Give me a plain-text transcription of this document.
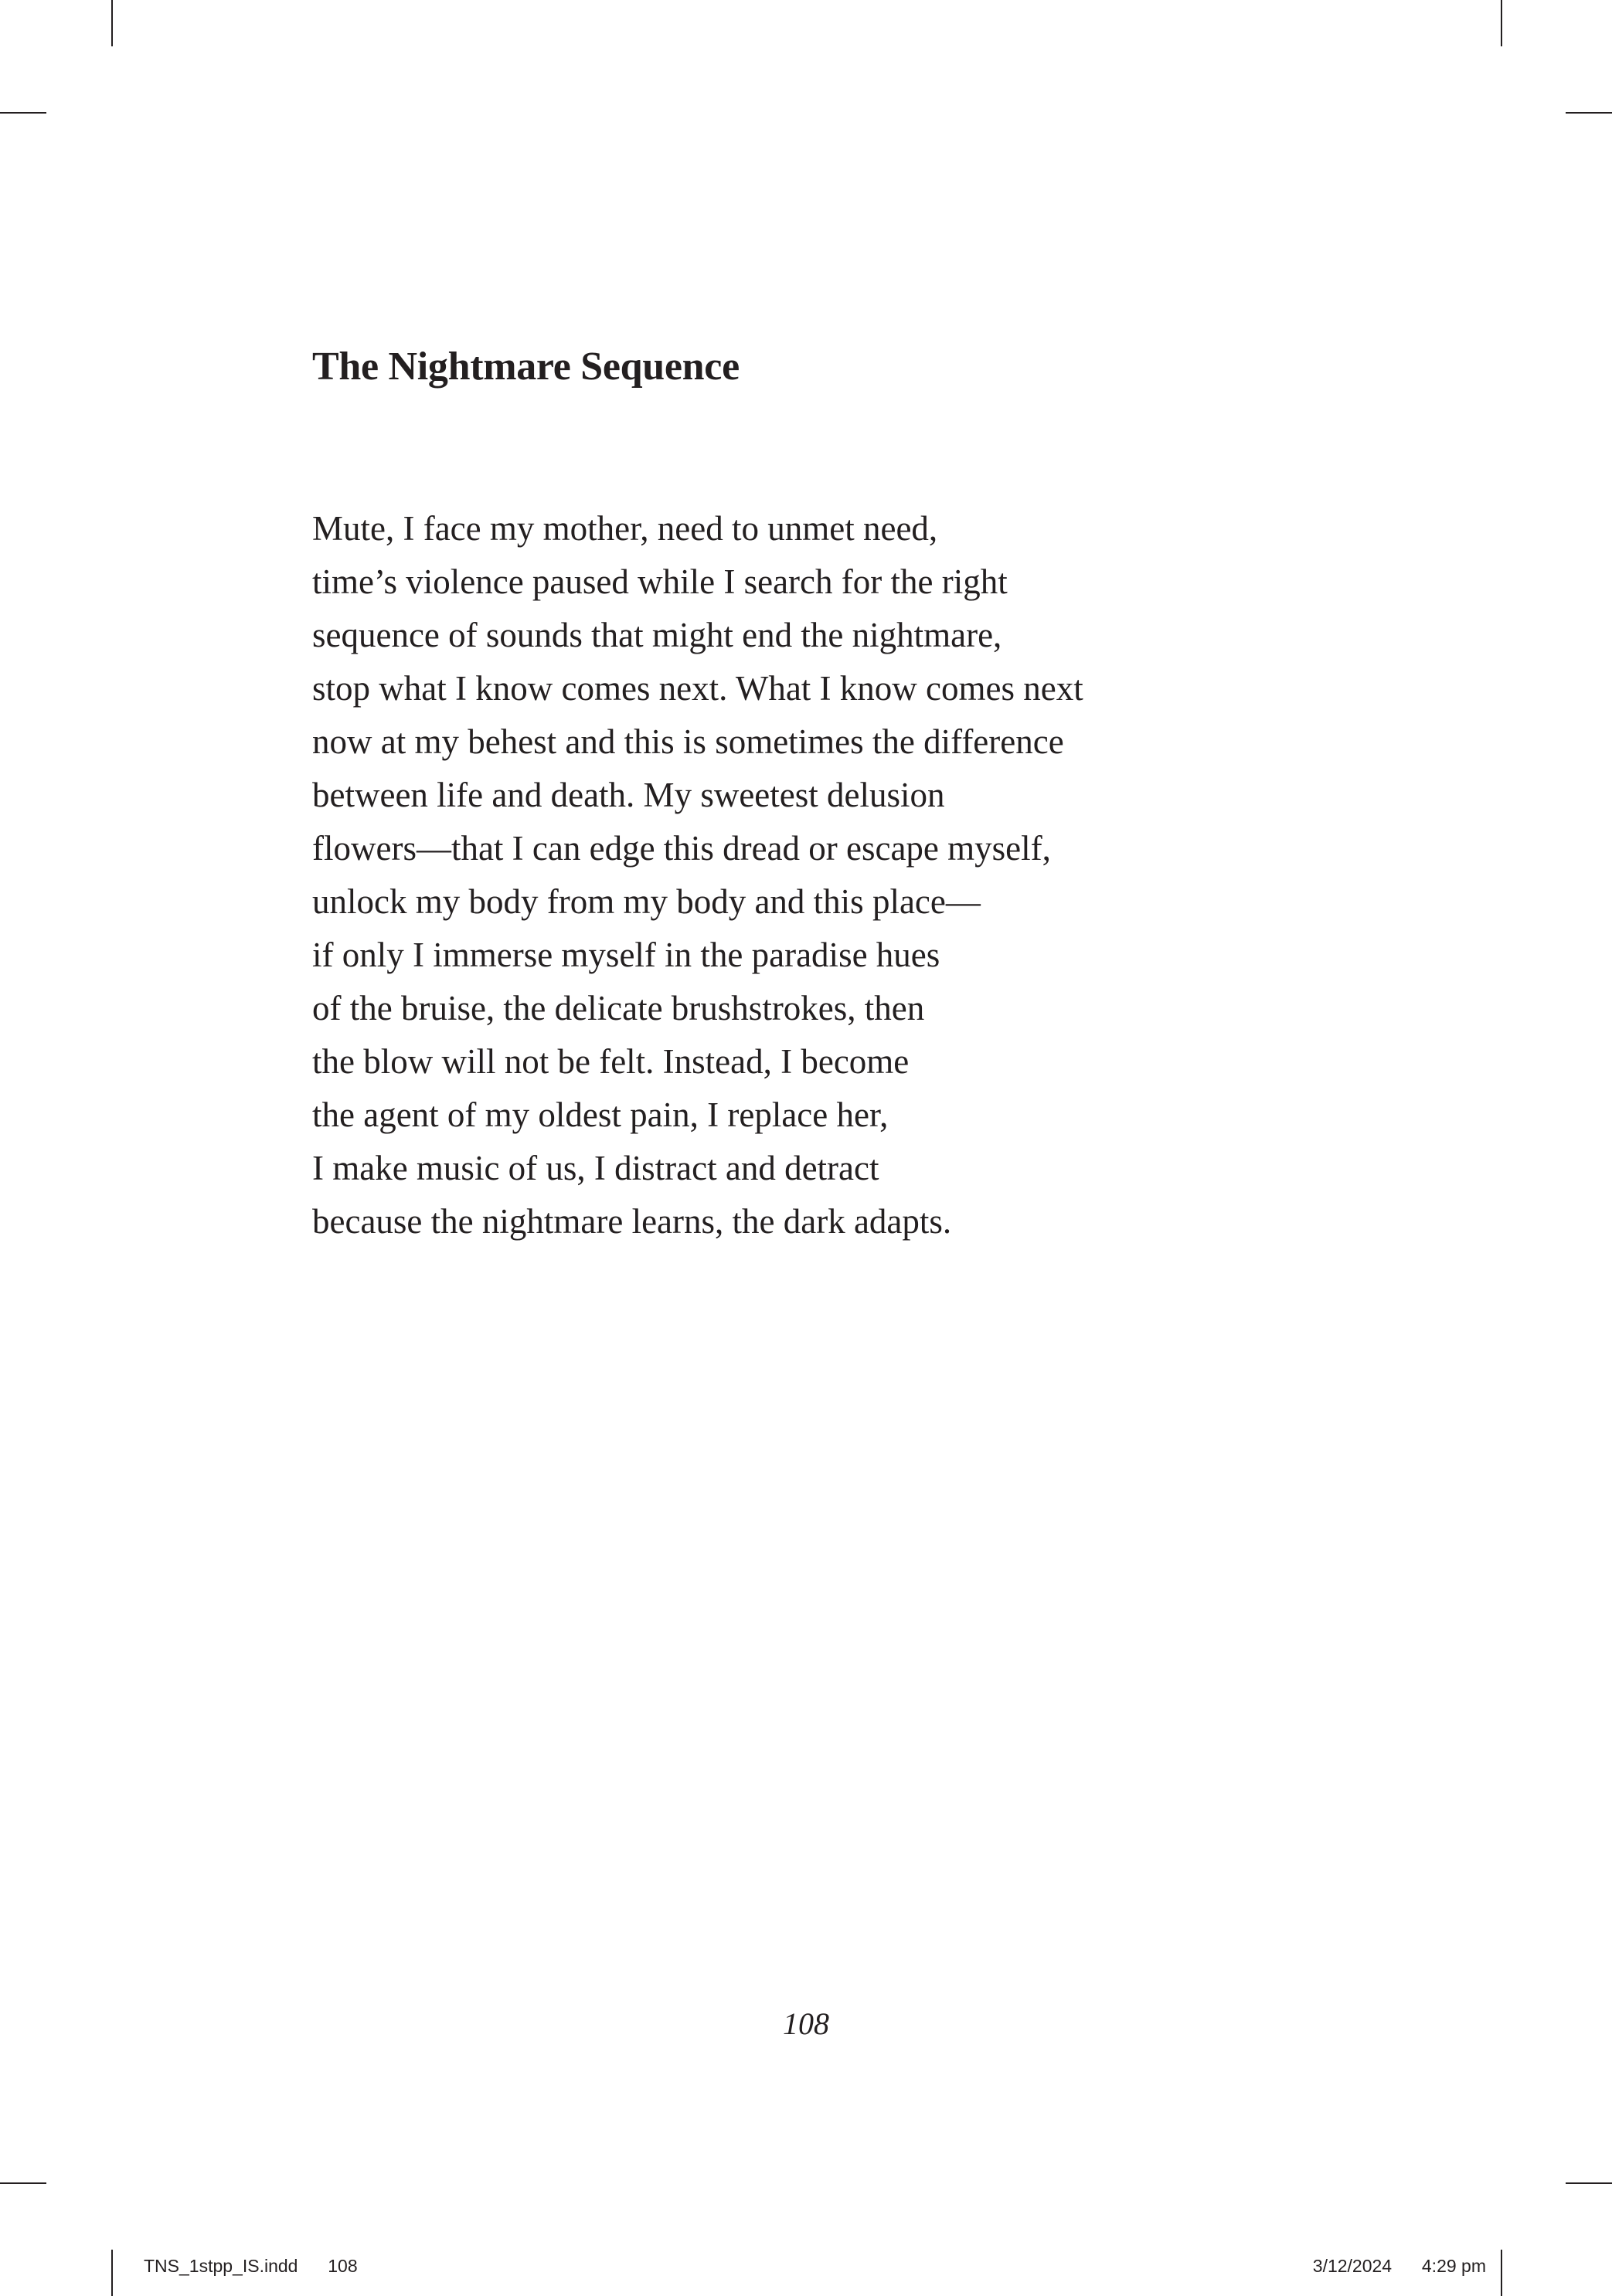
The Nightmare Sequence
Mute, I face my mother, need to unmet need,
time’s violence paused while I search for the right
sequence of sounds that might end the nightmare,
stop what I know comes next. What I know comes next
now at my behest and this is sometimes the difference
between life and death. My sweetest delusion
flowers—that I can edge this dread or escape myself,
unlock my body from my body and this place—
if only I immerse myself in the paradise hues
of the bruise, the delicate brushstrokes, then
the blow will not be felt. Instead, I become
the agent of my oldest pain, I replace her,
I make music of us, I distract and detract
because the nightmare learns, the dark adapts.
108
TNS_1stpp_IS.indd 108	3/12/2024 4:29 pm
